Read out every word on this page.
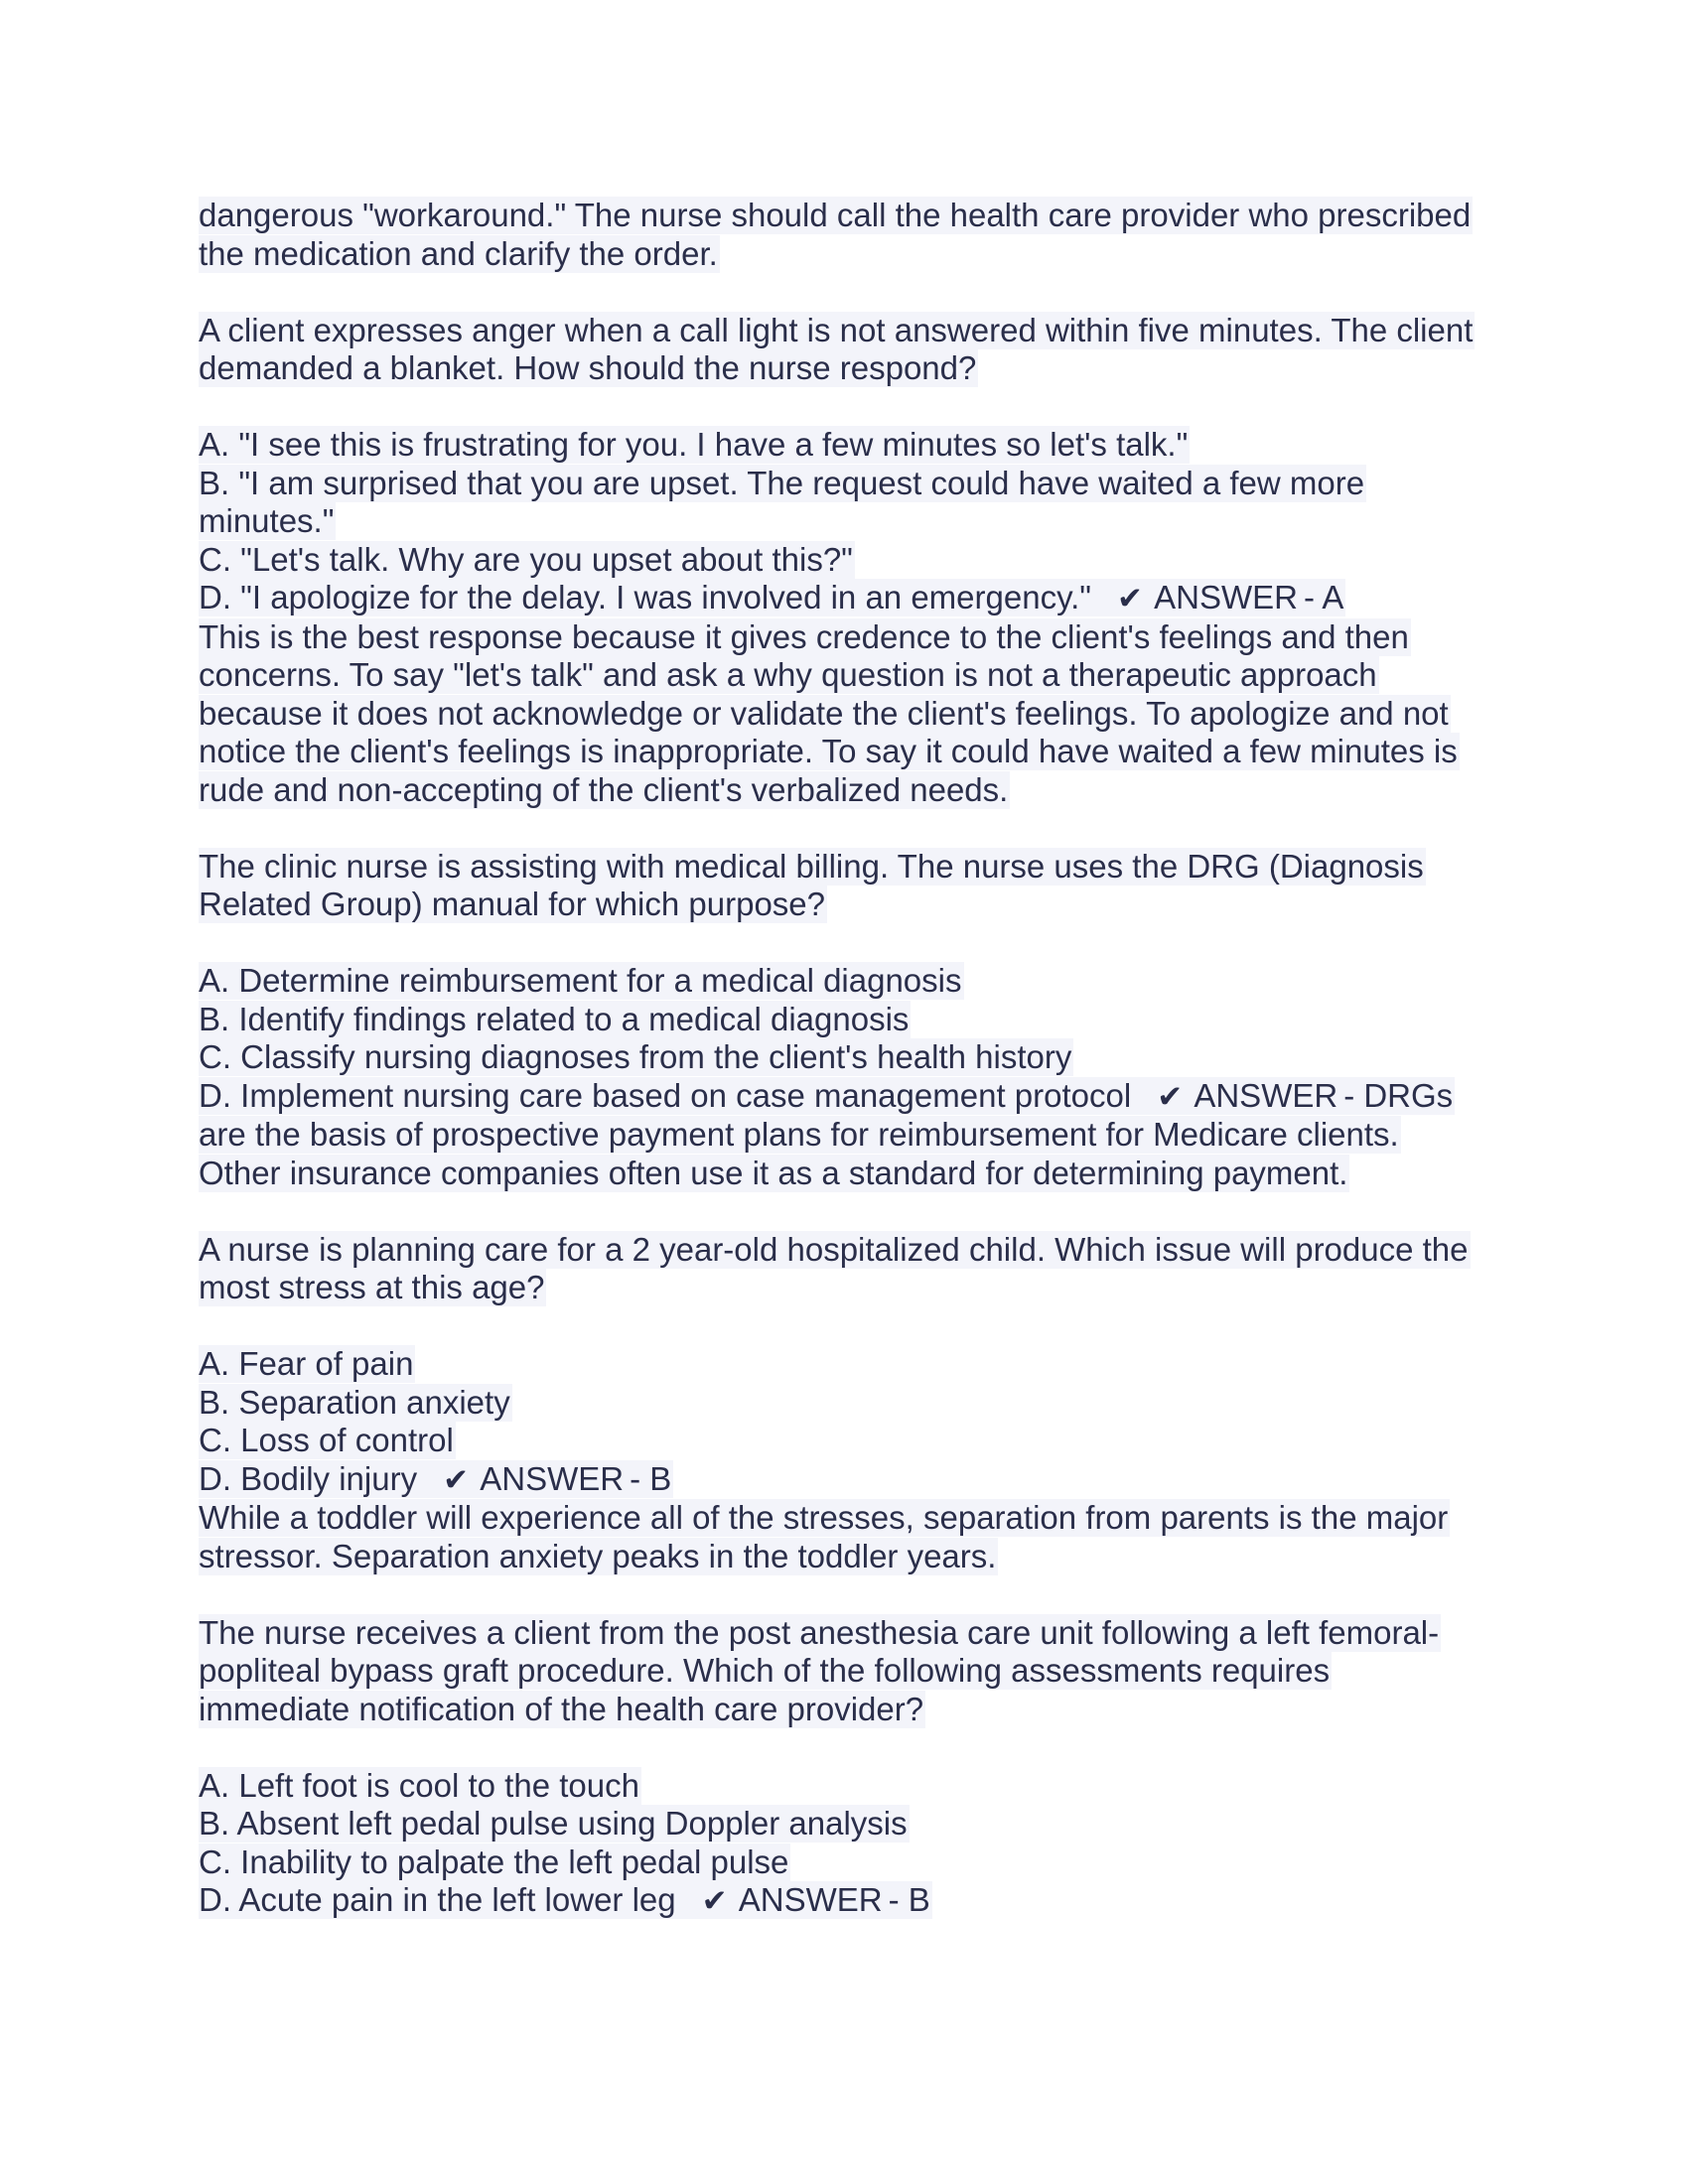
dangerous "workaround." The nurse should call the health care provider who prescribed
the medication and clarify the order.
A client expresses anger when a call light is not answered within five minutes. The client
demanded a blanket. How should the nurse respond?
A. "I see this is frustrating for you. I have a few minutes so let's talk."
B. "I am surprised that you are upset. The request could have waited a few more
minutes."
C. "Let's talk. Why are you upset about this?"
D. "I apologize for the delay. I was involved in an emergency." ✔ ANSWER - A
This is the best response because it gives credence to the client's feelings and then
concerns. To say "let's talk" and ask a why question is not a therapeutic approach
because it does not acknowledge or validate the client's feelings. To apologize and not
notice the client's feelings is inappropriate. To say it could have waited a few minutes is
rude and non-accepting of the client's verbalized needs.
The clinic nurse is assisting with medical billing. The nurse uses the DRG (Diagnosis
Related Group) manual for which purpose?
A. Determine reimbursement for a medical diagnosis
B. Identify findings related to a medical diagnosis
C. Classify nursing diagnoses from the client's health history
D. Implement nursing care based on case management protocol ✔ ANSWER - DRGs
are the basis of prospective payment plans for reimbursement for Medicare clients.
Other insurance companies often use it as a standard for determining payment.
A nurse is planning care for a 2 year-old hospitalized child. Which issue will produce the
most stress at this age?
A. Fear of pain
B. Separation anxiety
C. Loss of control
D. Bodily injury ✔ ANSWER - B
While a toddler will experience all of the stresses, separation from parents is the major
stressor. Separation anxiety peaks in the toddler years.
The nurse receives a client from the post anesthesia care unit following a left femoral-
popliteal bypass graft procedure. Which of the following assessments requires
immediate notification of the health care provider?
A. Left foot is cool to the touch
B. Absent left pedal pulse using Doppler analysis
C. Inability to palpate the left pedal pulse
D. Acute pain in the left lower leg ✔ ANSWER - B
